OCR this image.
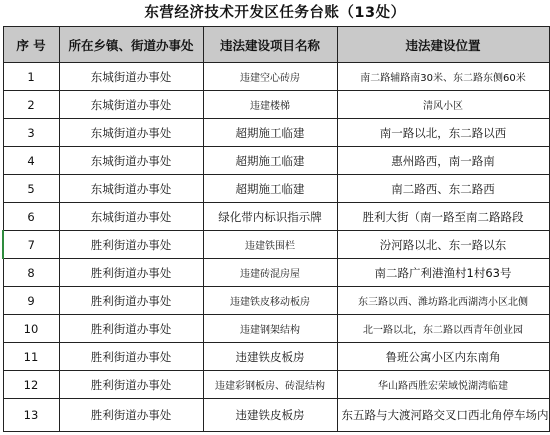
东营经济技术开发区任务台账（13处）
序 号	所在乡镇、街道办事处	违法建设项目名称	违法建设位置
1	东城街道办事处	违建空心砖房	南二路辅路南30米、东二路东侧60米
2	东城街道办事处	违建楼梯	清风小区
3	东城街道办事处	超期施工临建	南一路以北，东二路以西
4	东城街道办事处	超期施工临建	惠州路西，南一路南
5	东城街道办事处	超期施工临建	南二路西、东二路西
6	东城街道办事处	绿化带内标识指示牌	胜利大街（南一路至南二路路段
7	胜利街道办事处	违建铁围栏	汾河路以北、东一路以东
8	胜利街道办事处	违建砖混房屋	南二路广利港渔村1村63号
9	胜利街道办事处	违建铁皮移动板房	东三路以西、潍坊路北西湖湾小区北侧
10	胜利街道办事处	违建钢架结构	北一路以北，东二路以西青年创业园
11	胜利街道办事处	违建铁皮板房	鲁班公寓小区内东南角
12	胜利街道办事处	违建彩钢板房、砖混结构	华山路西胜宏荣域悦湖湾临建
13	胜利街道办事处	违建铁皮板房	东五路与大渡河路交叉口西北角停车场内
